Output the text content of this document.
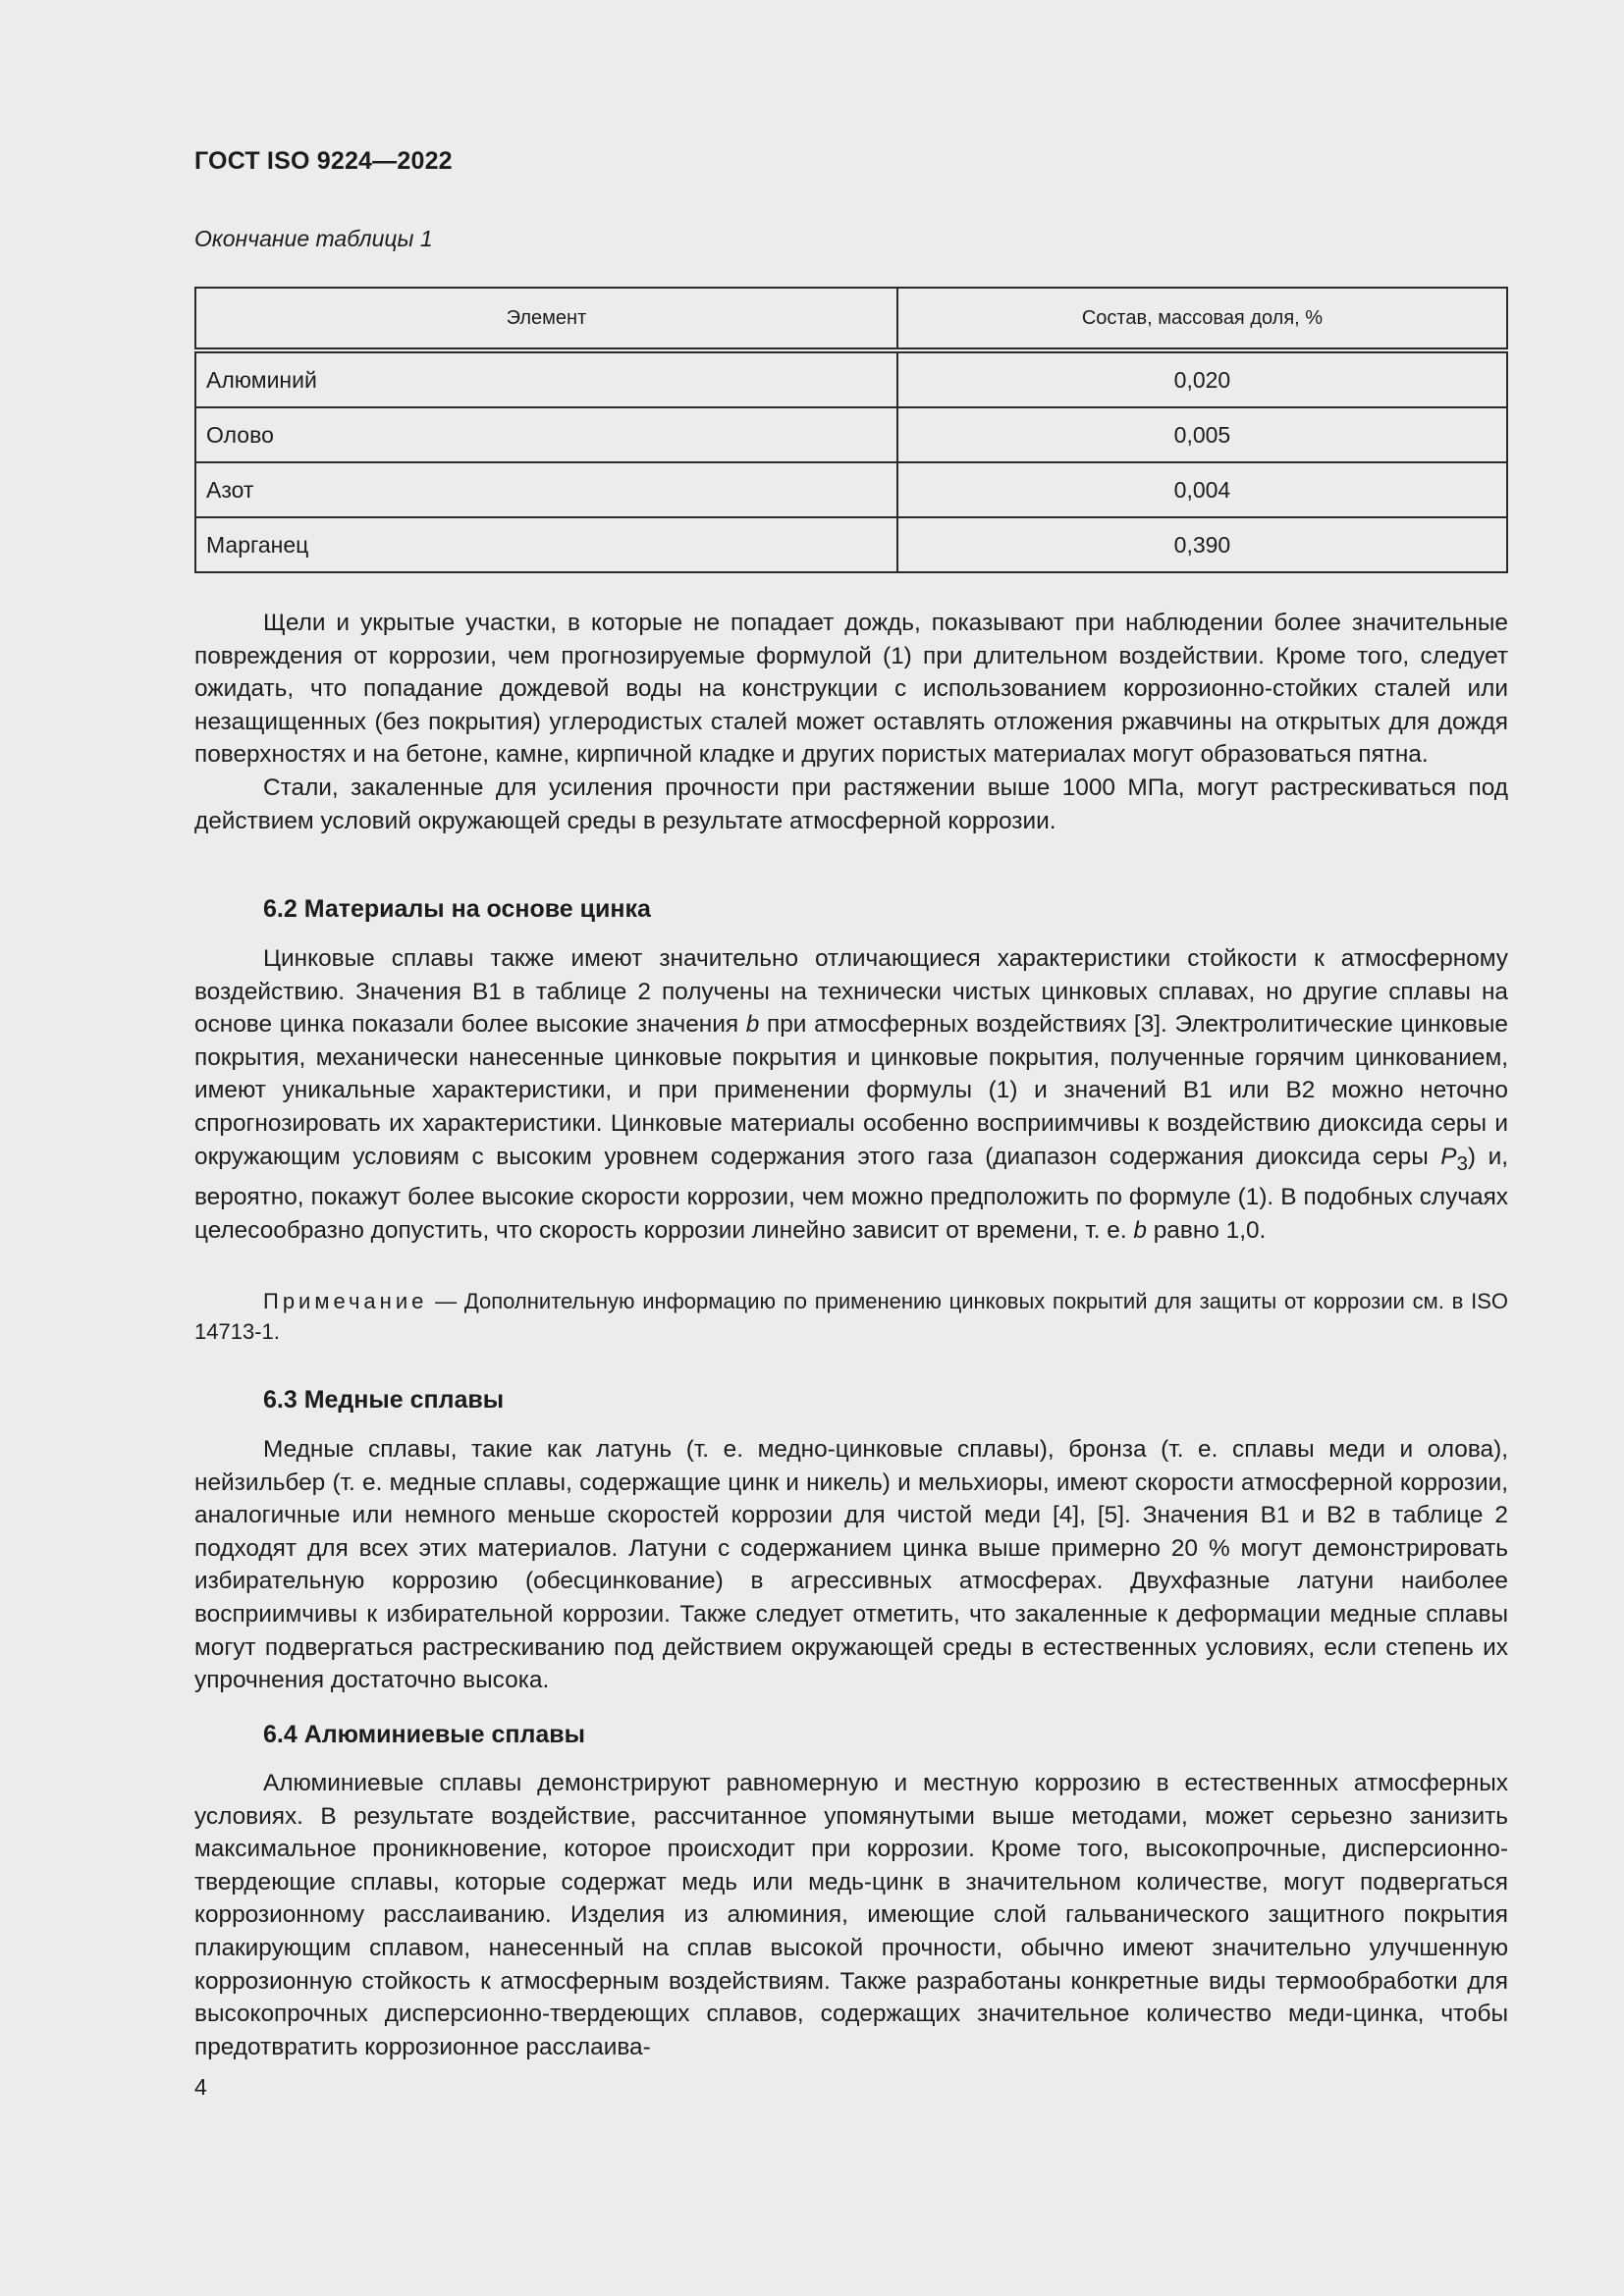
ГОСТ ISO 9224—2022
Окончание таблицы 1
Элемент	Состав, массовая доля, %
Алюминий	0,020
Олово	0,005
Азот	0,004
Марганец	0,390

Щели и укрытые участки, в которые не попадает дождь, показывают при наблюдении более значительные повреждения от коррозии, чем прогнозируемые формулой (1) при длительном воздействии. Кроме того, следует ожидать, что попадание дождевой воды на конструкции с использованием коррозионно-стойких сталей или незащищенных (без покрытия) углеродистых сталей может оставлять отложения ржавчины на открытых для дождя поверхностях и на бетоне, камне, кирпичной кладке и других пористых материалах могут образоваться пятна.

Стали, закаленные для усиления прочности при растяжении выше 1000 МПа, могут растрескиваться под действием условий окружающей среды в результате атмосферной коррозии.

6.2 Материалы на основе цинка

Цинковые сплавы также имеют значительно отличающиеся характеристики стойкости к атмосферному воздействию. Значения B1 в таблице 2 получены на технически чистых цинковых сплавах, но другие сплавы на основе цинка показали более высокие значения b при атмосферных воздействиях [3]. Электролитические цинковые покрытия, механически нанесенные цинковые покрытия и цинковые покрытия, полученные горячим цинкованием, имеют уникальные характеристики, и при применении формулы (1) и значений B1 или B2 можно неточно спрогнозировать их характеристики. Цинковые материалы особенно восприимчивы к воздействию диоксида серы и окружающим условиям с высоким уровнем содержания этого газа (диапазон содержания диоксида серы $P_3$) и, вероятно, покажут более высокие скорости коррозии, чем можно предположить по формуле (1). В подобных случаях целесообразно допустить, что скорость коррозии линейно зависит от времени, т. е. b равно 1,0.

Примечание — Дополнительную информацию по применению цинковых покрытий для защиты от коррозии см. в ISO 14713-1.

6.3 Медные сплавы

Медные сплавы, такие как латунь (т. е. медно-цинковые сплавы), бронза (т. е. сплавы меди и олова), нейзильбер (т. е. медные сплавы, содержащие цинк и никель) и мельхиоры, имеют скорости атмосферной коррозии, аналогичные или немного меньше скоростей коррозии для чистой меди [4], [5]. Значения B1 и B2 в таблице 2 подходят для всех этих материалов. Латуни с содержанием цинка выше примерно 20 % могут демонстрировать избирательную коррозию (обесцинкование) в агрессивных атмосферах. Двухфазные латуни наиболее восприимчивы к избирательной коррозии. Также следует отметить, что закаленные к деформации медные сплавы могут подвергаться растрескиванию под действием окружающей среды в естественных условиях, если степень их упрочнения достаточно высока.

6.4 Алюминиевые сплавы

Алюминиевые сплавы демонстрируют равномерную и местную коррозию в естественных атмосферных условиях. В результате воздействие, рассчитанное упомянутыми выше методами, может серьезно занизить максимальное проникновение, которое происходит при коррозии. Кроме того, высокопрочные, дисперсионно-твердеющие сплавы, которые содержат медь или медь-цинк в значительном количестве, могут подвергаться коррозионному расслаиванию. Изделия из алюминия, имеющие слой гальванического защитного покрытия плакирующим сплавом, нанесенный на сплав высокой прочности, обычно имеют значительно улучшенную коррозионную стойкость к атмосферным воздействиям. Также разработаны конкретные виды термообработки для высокопрочных дисперсионно-твердеющих сплавов, содержащих значительное количество меди-цинка, чтобы предотвратить коррозионное расслаива-

4
